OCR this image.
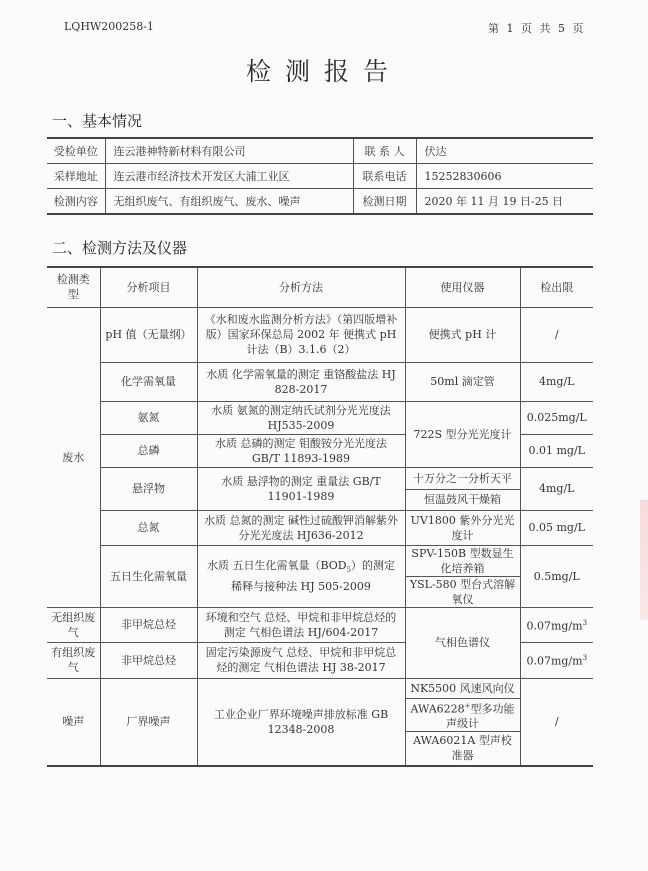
LQHW200258-1	第 1 页 共 5 页
检测报告
一、基本情况
受检单位	连云港神特新材料有限公司	联 系 人	伏达
采样地址	连云港市经济技术开发区大浦工业区	联系电话	15252830606
检测内容	无组织废气、有组织废气、废水、噪声	检测日期	2020 年 11 月 19 日-25 日
二、检测方法及仪器
检测类型	分析项目	分析方法	使用仪器	检出限
废水	pH 值（无量纲）	《水和废水监测分析方法》（第四版增补版）国家环保总局 2002 年 便携式 pH 计法（B）3.1.6（2）	便携式 pH 计	/
	化学需氧量	水质 化学需氧量的测定 重铬酸盐法 HJ 828-2017	50ml 滴定管	4mg/L
	氨氮	水质 氨氮的测定纳氏试剂分光光度法 HJ535-2009	722S 型分光光度计	0.025mg/L
	总磷	水质 总磷的测定 钼酸铵分光光度法 GB/T 11893-1989		0.01 mg/L
	悬浮物	水质 悬浮物的测定 重量法 GB/T 11901-1989	十万分之一分析天平	4mg/L
			恒温鼓风干燥箱	
	总氮	水质 总氮的测定 碱性过硫酸钾消解紫外分光光度法 HJ636-2012	UV1800 紫外分光光度计	0.05 mg/L
	五日生化需氧量	水质 五日生化需氧量$(BOD_5)$的测定 稀释与接种法 HJ 505-2009	SPV-150B 型数显生化培养箱	0.5mg/L
			YSL-580 型台式溶解氧仪	
无组织废气	非甲烷总烃	环境和空气 总烃、甲烷和非甲烷总烃的测定 气相色谱法 HJ/604-2017	气相色谱仪	$0.07mg/m^3$
有组织废气	非甲烷总烃	固定污染源废气 总烃、甲烷和非甲烷总烃的测定 气相色谱法 HJ 38-2017		$0.07mg/m^3$
噪声	厂界噪声	工业企业厂界环境噪声排放标准 GB 12348-2008	NK5500 风速风向仪	/
			AWA6228+型多功能声级计	
			AWA6021A 型声校准器	
